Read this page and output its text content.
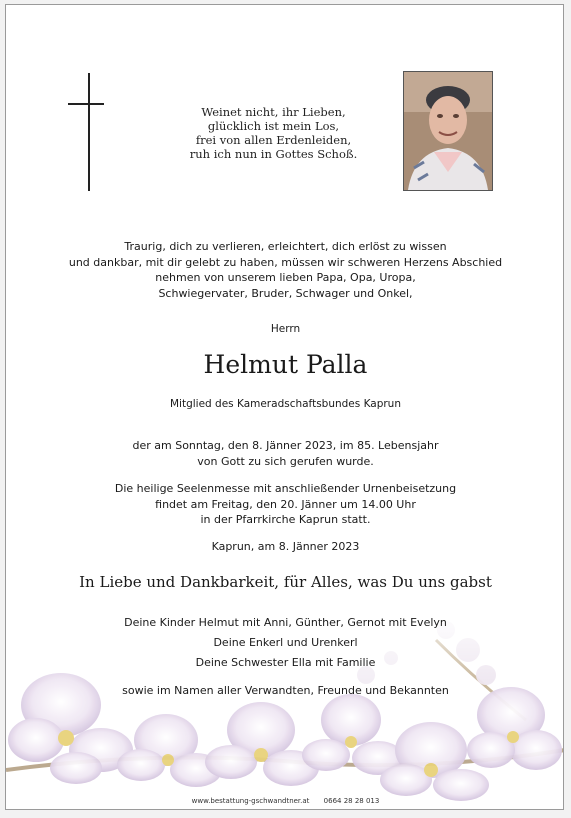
Weinet nicht, ihr Lieben,
glücklich ist mein Los,
frei von allen Erdenleiden,
ruh ich nun in Gottes Schoß.
Traurig, dich zu verlieren, erleichtert, dich erlöst zu wissen
und dankbar, mit dir gelebt zu haben, müssen wir schweren Herzens Abschied
nehmen von unserem lieben Papa, Opa, Uropa,
Schwiegervater, Bruder, Schwager und Onkel,
Herrn
Helmut Palla
Mitglied des Kameradschaftsbundes Kaprun
der am Sonntag, den 8. Jänner 2023, im 85. Lebensjahr
von Gott zu sich gerufen wurde.
Die heilige Seelenmesse mit anschließender Urnenbeisetzung
findet am Freitag, den 20. Jänner um 14.00 Uhr
in der Pfarrkirche Kaprun statt.
Kaprun, am 8. Jänner 2023
In Liebe und Dankbarkeit, für Alles, was Du uns gabst
Deine Kinder Helmut mit Anni, Günther, Gernot mit Evelyn
Deine Enkerl und Urenkerl
Deine Schwester Ella mit Familie
sowie im Namen aller Verwandten, Freunde und Bekannten
www.bestattung-gschwandtner.at 0664 28 28 013
